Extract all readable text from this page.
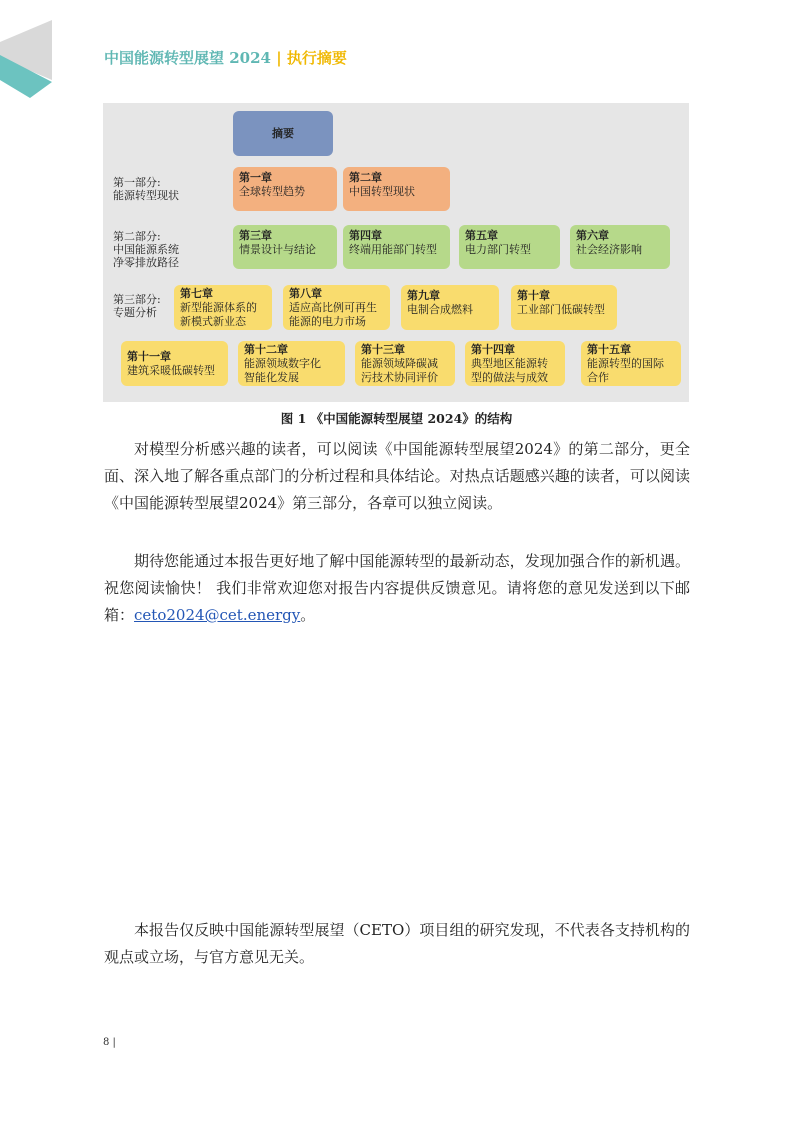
中国能源转型展望 2024 | 执行摘要
摘要
第一部分:
能源转型现状
第二部分:
中国能源系统
净零排放路径
第三部分:
专题分析
第一章
全球转型趋势
第二章
中国转型现状
第三章
情景设计与结论
第四章
终端用能部门转型
第五章
电力部门转型
第六章
社会经济影响
第七章
新型能源体系的
新模式新业态
第八章
适应高比例可再生
能源的电力市场
第九章
电制合成燃料
第十章
工业部门低碳转型
第十一章
建筑采暖低碳转型
第十二章
能源领域数字化
智能化发展
第十三章
能源领域降碳减
污技术协同评价
第十四章
典型地区能源转
型的做法与成效
第十五章
能源转型的国际
合作
图 1 《中国能源转型展望 2024》的结构

对模型分析感兴趣的读者，可以阅读《中国能源转型展望2024》的第二部分，更全面、深入地了解各重点部门的分析过程和具体结论。对热点话题感兴趣的读者，可以阅读《中国能源转型展望2024》第三部分，各章可以独立阅读。

期待您能通过本报告更好地了解中国能源转型的最新动态，发现加强合作的新机遇。祝您阅读愉快！ 我们非常欢迎您对报告内容提供反馈意见。请将您的意见发送到以下邮箱：ceto2024@cet.energy。

本报告仅反映中国能源转型展望（CETO）项目组的研究发现，不代表各支持机构的观点或立场，与官方意见无关。

8 |
